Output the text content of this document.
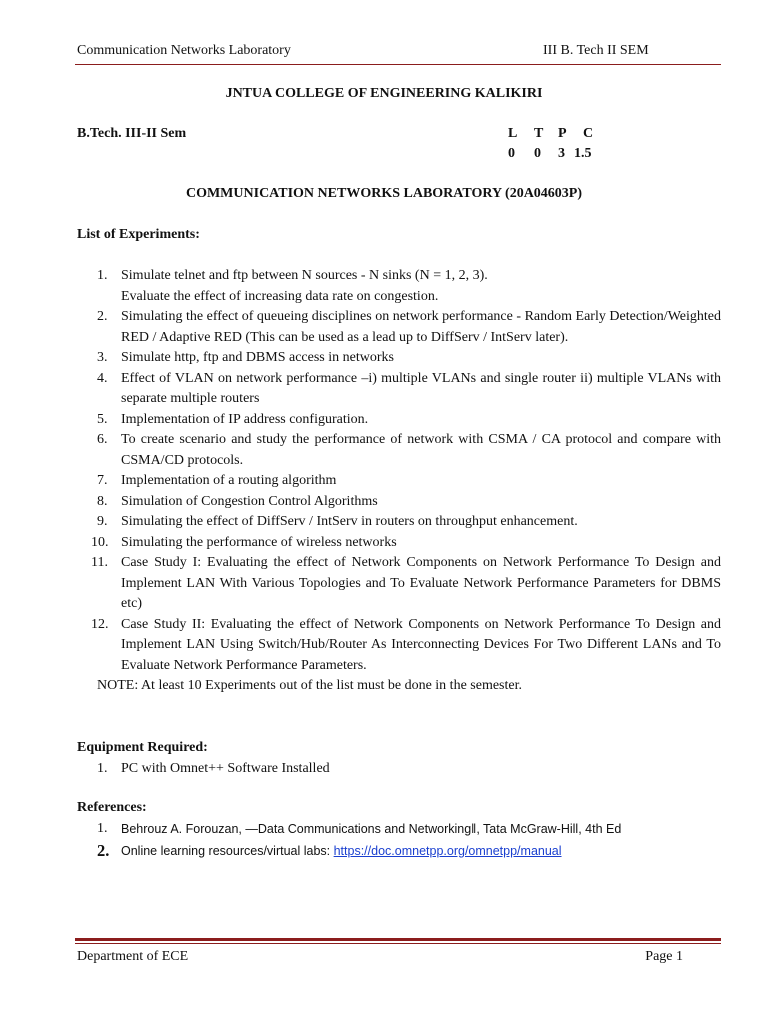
Communication Networks Laboratory	III B. Tech II SEM
JNTUA COLLEGE OF ENGINEERING KALIKIRI
B.Tech. III-II Sem	L T P C
0 0 3 1.5
COMMUNICATION NETWORKS LABORATORY (20A04603P)
List of Experiments:
1. Simulate telnet and ftp between N sources - N sinks (N = 1, 2, 3).
Evaluate the effect of increasing data rate on congestion.
2. Simulating the effect of queueing disciplines on network performance - Random Early Detection/Weighted RED / Adaptive RED (This can be used as a lead up to DiffServ / IntServ later).
3. Simulate http, ftp and DBMS access in networks
4. Effect of VLAN on network performance –i) multiple VLANs and single router ii) multiple VLANs with separate multiple routers
5. Implementation of IP address configuration.
6. To create scenario and study the performance of network with CSMA / CA protocol and compare with CSMA/CD protocols.
7. Implementation of a routing algorithm
8. Simulation of Congestion Control Algorithms
9. Simulating the effect of DiffServ / IntServ in routers on throughput enhancement.
10. Simulating the performance of wireless networks
11. Case Study I: Evaluating the effect of Network Components on Network Performance To Design and Implement LAN With Various Topologies and To Evaluate Network Performance Parameters for DBMS etc)
12. Case Study II: Evaluating the effect of Network Components on Network Performance To Design and Implement LAN Using Switch/Hub/Router As Interconnecting Devices For Two Different LANs and To Evaluate Network Performance Parameters.
NOTE: At least 10 Experiments out of the list must be done in the semester.
Equipment Required:
1. PC with Omnet++ Software Installed
References:
1. Behrouz A. Forouzan, ―Data Communications and Networking‖, Tata McGraw-Hill, 4th Ed
2. Online learning resources/virtual labs: https://doc.omnetpp.org/omnetpp/manual
Department of ECE	Page 1
